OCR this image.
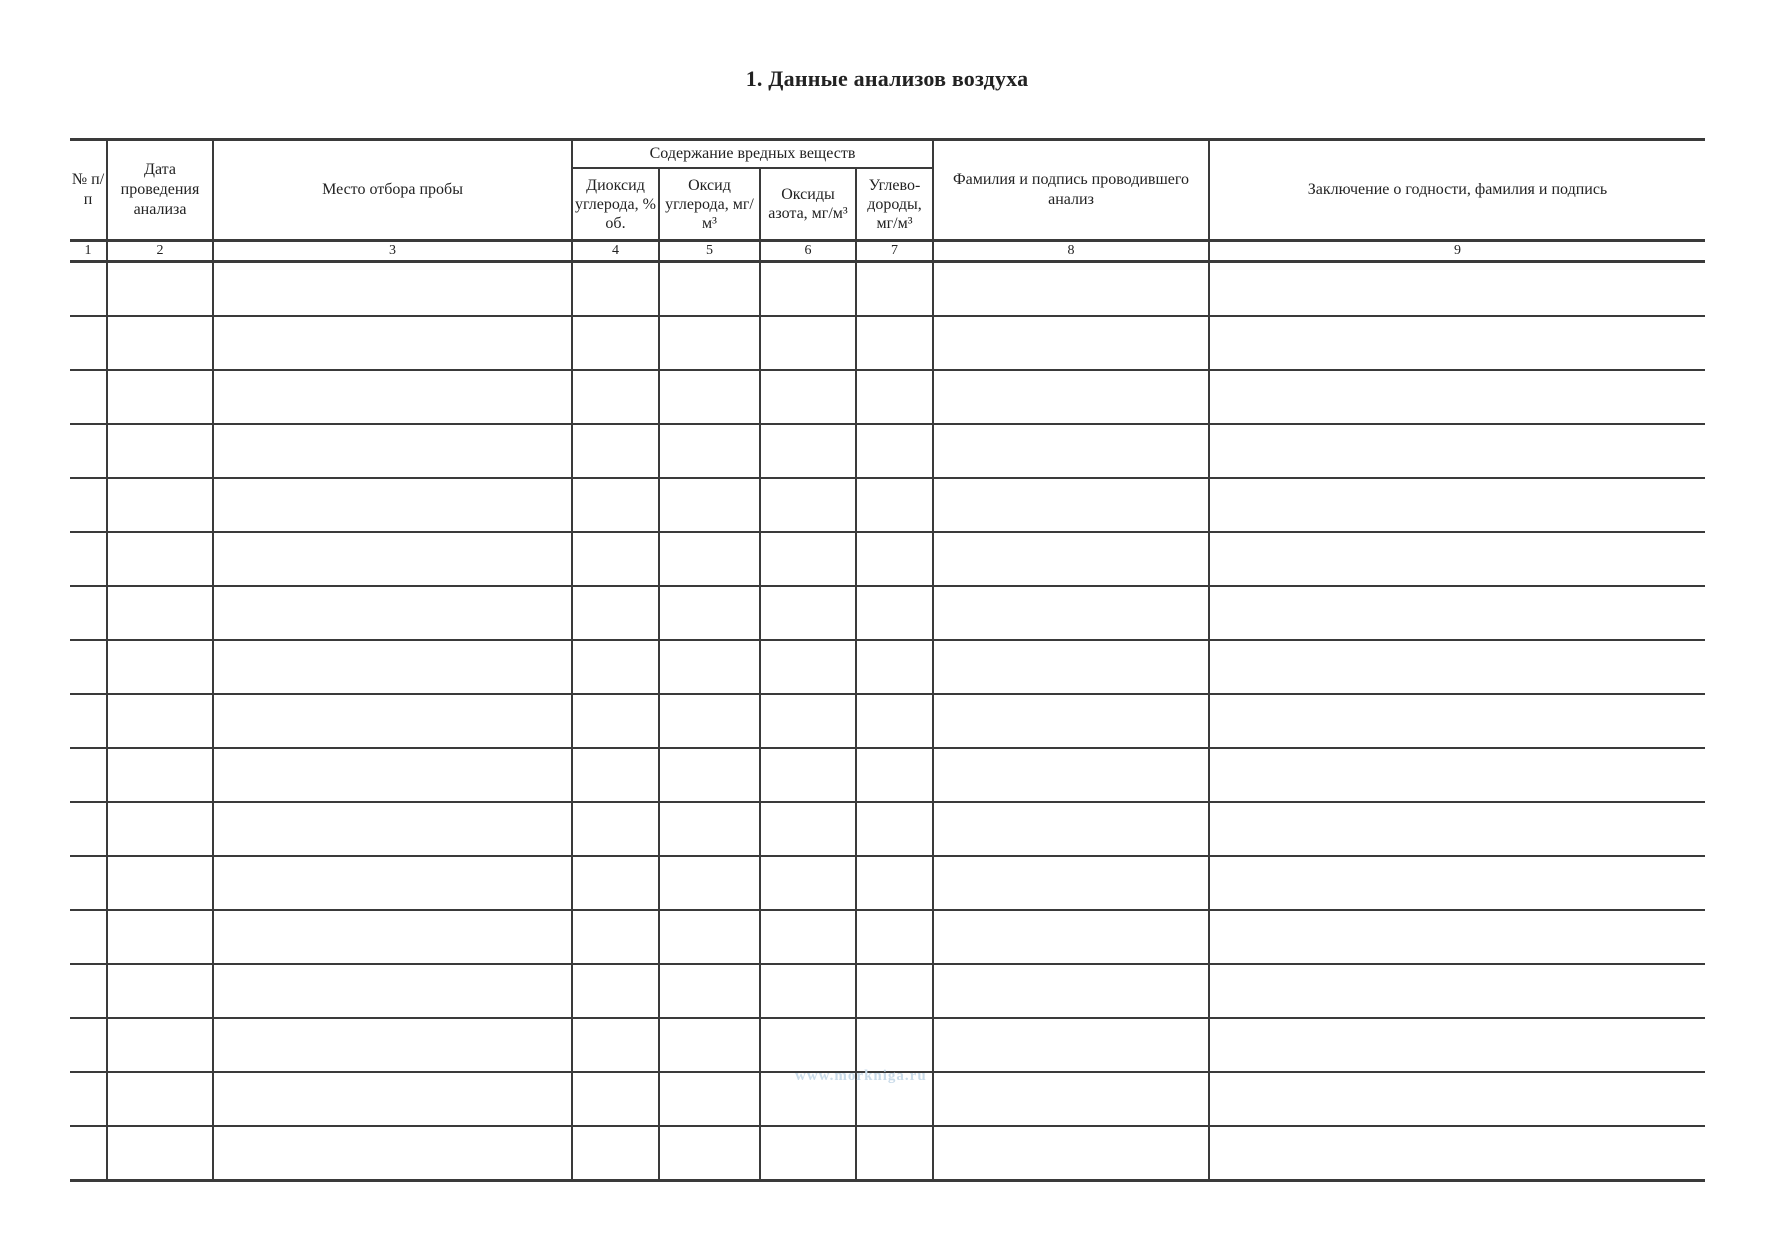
1. Данные анализов воздуха
№ п/п	Дата проведения анализа	Место отбора пробы	Содержание вредных веществ				Фамилия и подпись проводившего анализ	Заключение о годности, фамилия и подпись
			Диоксид углерода, % об.	Оксид углерода, мг/м³	Оксиды азота, мг/м³	Углево-дороды, мг/м³		
1	2	3	4	5	6	7	8	9

www.morkniga.ru
